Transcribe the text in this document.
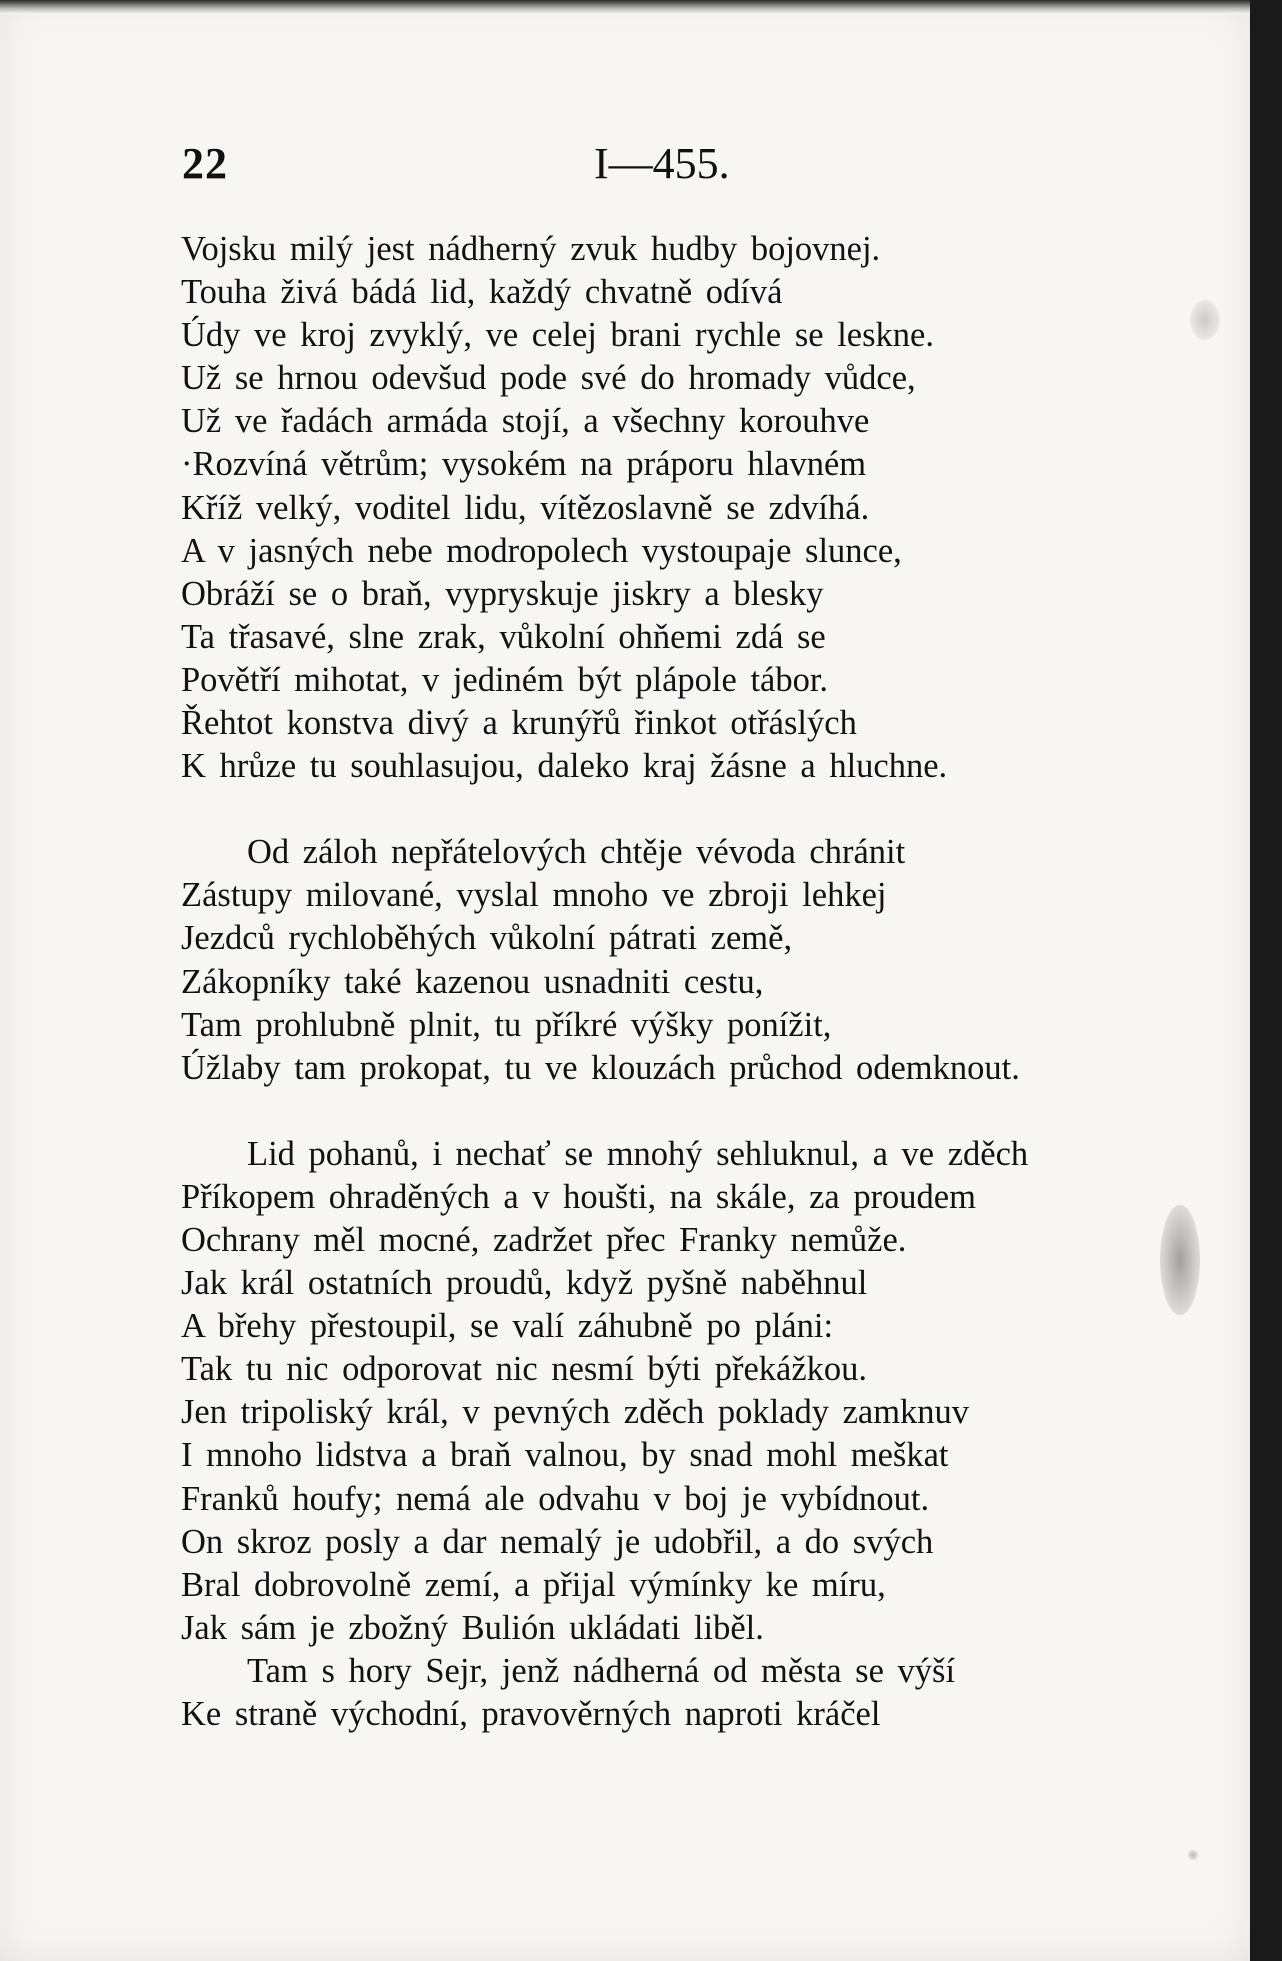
22	I—455.
Vojsku milý jest nádherný zvuk hudby bojovnej.
Touha živá bádá lid, každý chvatně odívá
Údy ve kroj zvyklý, ve celej brani rychle se leskne.
Už se hrnou odevšud pode své do hromady vůdce,
Už ve řadách armáda stojí, a všechny korouhve
·Rozvíná větrům; vysokém na práporu hlavném
Kříž velký, voditel lidu, vítězoslavně se zdvíhá.
A v jasných nebe modropolech vystoupaje slunce,
Obráží se o braň, vypryskuje jiskry a blesky
Ta třasavé, slne zrak, vůkolní ohňemi zdá se
Povětří mihotat, v jediném být plápole tábor.
Řehtot konstva divý a krunýřů řinkot otřáslých
K hrůze tu souhlasujou, daleko kraj žásne a hluchne.
Od záloh nepřátelových chtěje vévoda chránit
Zástupy milované, vyslal mnoho ve zbroji lehkej
Jezdců rychloběhých vůkolní pátrati země,
Zákopníky také kazenou usnadniti cestu,
Tam prohlubně plnit, tu příkré výšky ponížit,
Úžlaby tam prokopat, tu ve klouzách průchod odemknout.
Lid pohanů, i nechať se mnohý sehluknul, a ve zděch
Příkopem ohraděných a v houšti, na skále, za proudem
Ochrany měl mocné, zadržet přec Franky nemůže.
Jak král ostatních proudů, když pyšně naběhnul
A břehy přestoupil, se valí záhubně po pláni:
Tak tu nic odporovat nic nesmí býti překážkou.
Jen tripoliský král, v pevných zděch poklady zamknuv
I mnoho lidstva a braň valnou, by snad mohl meškat
Franků houfy; nemá ale odvahu v boj je vybídnout.
On skroz posly a dar nemalý je udobřil, a do svých
Bral dobrovolně zemí, a přijal výmínky ke míru,
Jak sám je zbožný Bulión ukládati liběl.
Tam s hory Sejr, jenž nádherná od města se výší
Ke straně východní, pravověrných naproti kráčel
